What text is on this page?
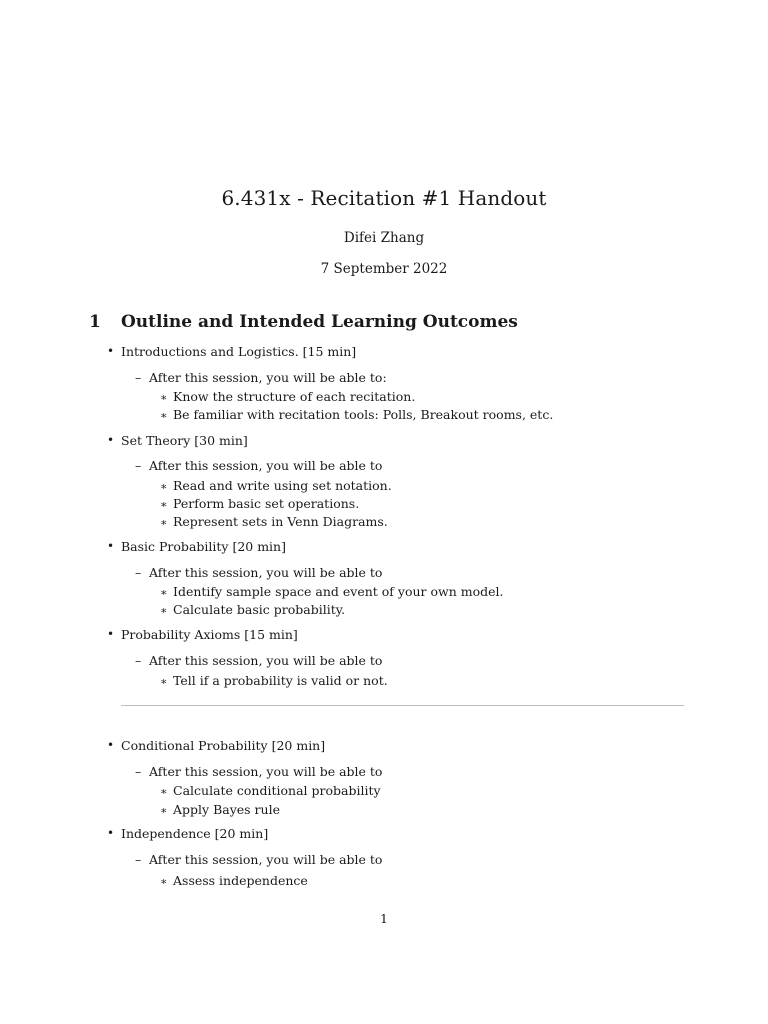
6.431x - Recitation #1 Handout
Difei Zhang
7 September 2022
1 Outline and Intended Learning Outcomes
• Introductions and Logistics. [15 min]
– After this session, you will be able to:
∗ Know the structure of each recitation.
∗ Be familiar with recitation tools: Polls, Breakout rooms, etc.
• Set Theory [30 min]
– After this session, you will be able to
∗ Read and write using set notation.
∗ Perform basic set operations.
∗ Represent sets in Venn Diagrams.
• Basic Probability [20 min]
– After this session, you will be able to
∗ Identify sample space and event of your own model.
∗ Calculate basic probability.
• Probability Axioms [15 min]
– After this session, you will be able to
∗ Tell if a probability is valid or not.
• Conditional Probability [20 min]
– After this session, you will be able to
∗ Calculate conditional probability
∗ Apply Bayes rule
• Independence [20 min]
– After this session, you will be able to
∗ Assess independence
1
